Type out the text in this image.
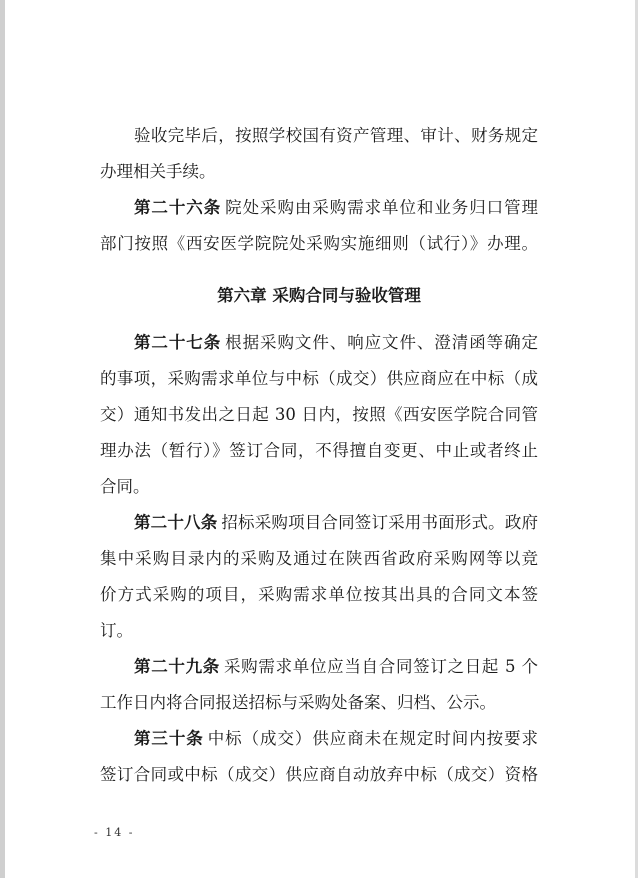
验收完毕后，按照学校国有资产管理、审计、财务规定
办理相关手续。
第二十六条 院处采购由采购需求单位和业务归口管理
部门按照《西安医学院院处采购实施细则（试行）》办理。
第六章 采购合同与验收管理
第二十七条 根据采购文件、响应文件、澄清函等确定
的事项，采购需求单位与中标（成交）供应商应在中标（成
交）通知书发出之日起 30 日内，按照《西安医学院合同管
理办法（暂行）》签订合同，不得擅自变更、中止或者终止
合同。
第二十八条 招标采购项目合同签订采用书面形式。政府
集中采购目录内的采购及通过在陕西省政府采购网等以竞
价方式采购的项目，采购需求单位按其出具的合同文本签
订。
第二十九条 采购需求单位应当自合同签订之日起 5 个
工作日内将合同报送招标与采购处备案、归档、公示。
第三十条 中标（成交）供应商未在规定时间内按要求
签订合同或中标（成交）供应商自动放弃中标（成交）资格
- 14 -
